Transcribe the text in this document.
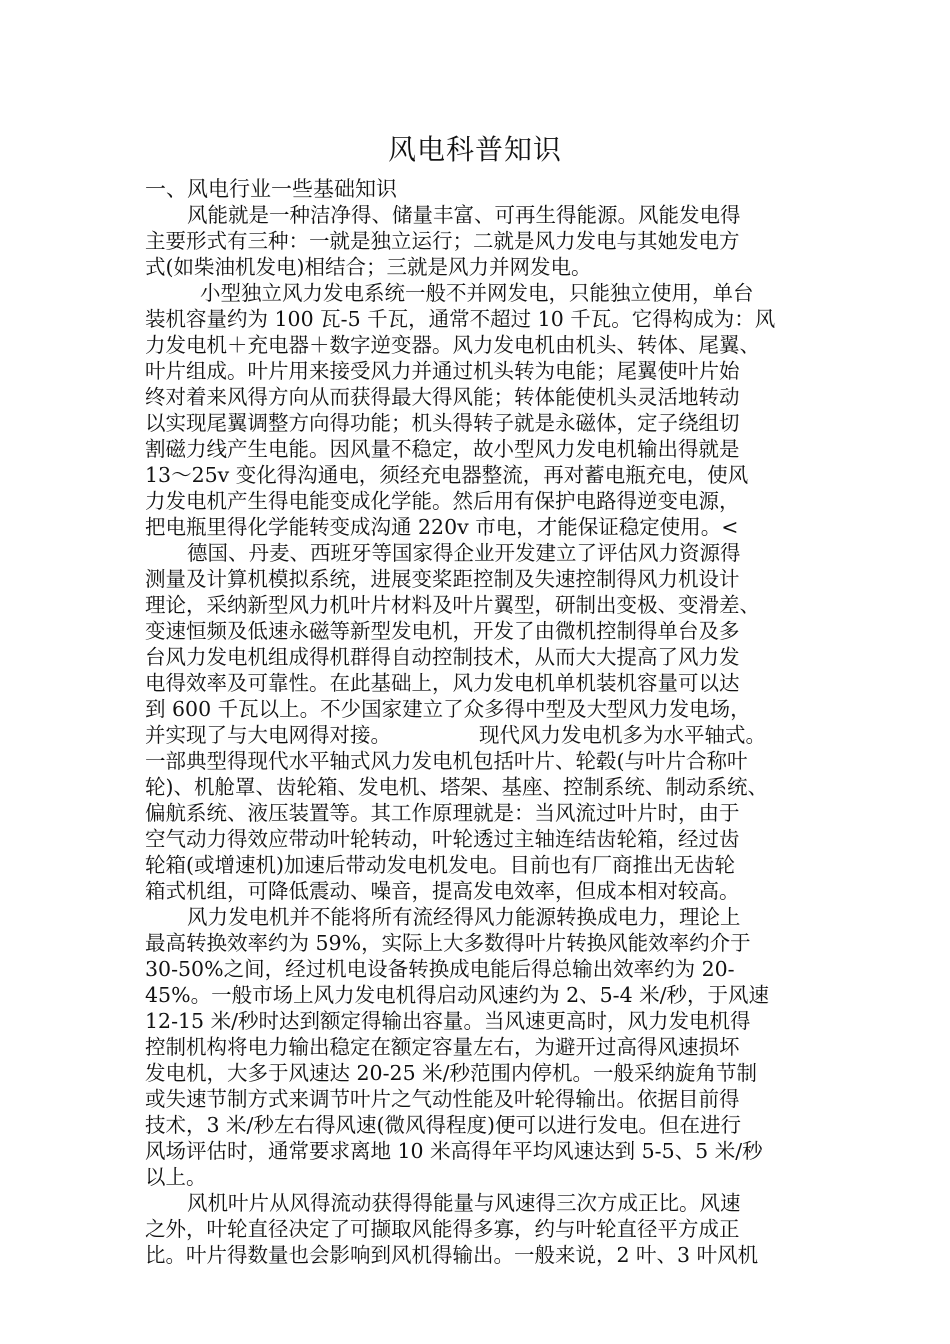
风电科普知识
一、风电行业一些基础知识
风能就是一种洁净得、储量丰富、可再生得能源。风能发电得
主要形式有三种：一就是独立运行；二就是风力发电与其她发电方
式(如柴油机发电)相结合；三就是风力并网发电。
小型独立风力发电系统一般不并网发电，只能独立使用，单台
装机容量约为 100 瓦-5 千瓦，通常不超过 10 千瓦。它得构成为：风
力发电机＋充电器＋数字逆变器。风力发电机由机头、转体、尾翼、
叶片组成。叶片用来接受风力并通过机头转为电能；尾翼使叶片始
终对着来风得方向从而获得最大得风能；转体能使机头灵活地转动
以实现尾翼调整方向得功能；机头得转子就是永磁体，定子绕组切
割磁力线产生电能。因风量不稳定，故小型风力发电机输出得就是
13～25v 变化得沟通电，须经充电器整流，再对蓄电瓶充电，使风
力发电机产生得电能变成化学能。然后用有保护电路得逆变电源，
把电瓶里得化学能转变成沟通 220v 市电，才能保证稳定使用。<
德国、丹麦、西班牙等国家得企业开发建立了评估风力资源得
测量及计算机模拟系统，进展变桨距控制及失速控制得风力机设计
理论，采纳新型风力机叶片材料及叶片翼型，研制出变极、变滑差、
变速恒频及低速永磁等新型发电机，开发了由微机控制得单台及多
台风力发电机组成得机群得自动控制技术，从而大大提高了风力发
电得效率及可靠性。在此基础上，风力发电机单机装机容量可以达
到 600 千瓦以上。不少国家建立了众多得中型及大型风力发电场，
并实现了与大电网得对接。	现代风力发电机多为水平轴式。
一部典型得现代水平轴式风力发电机包括叶片、轮毂(与叶片合称叶
轮)、机舱罩、齿轮箱、发电机、塔架、基座、控制系统、制动系统、
偏航系统、液压装置等。其工作原理就是：当风流过叶片时，由于
空气动力得效应带动叶轮转动，叶轮透过主轴连结齿轮箱，经过齿
轮箱(或增速机)加速后带动发电机发电。目前也有厂商推出无齿轮
箱式机组，可降低震动、噪音，提高发电效率，但成本相对较高。
风力发电机并不能将所有流经得风力能源转换成电力，理论上
最高转换效率约为 59%，实际上大多数得叶片转换风能效率约介于
30-50%之间，经过机电设备转换成电能后得总输出效率约为 20-
45%。一般市场上风力发电机得启动风速约为 2、5-4 米/秒，于风速
12-15 米/秒时达到额定得输出容量。当风速更高时，风力发电机得
控制机构将电力输出稳定在额定容量左右，为避开过高得风速损坏
发电机，大多于风速达 20-25 米/秒范围内停机。一般采纳旋角节制
或失速节制方式来调节叶片之气动性能及叶轮得输出。依据目前得
技术，3 米/秒左右得风速(微风得程度)便可以进行发电。但在进行
风场评估时，通常要求离地 10 米高得年平均风速达到 5-5、5 米/秒
以上。
风机叶片从风得流动获得得能量与风速得三次方成正比。风速
之外，叶轮直径决定了可撷取风能得多寡，约与叶轮直径平方成正
比。叶片得数量也会影响到风机得输出。一般来说，2 叶、3 叶风机
